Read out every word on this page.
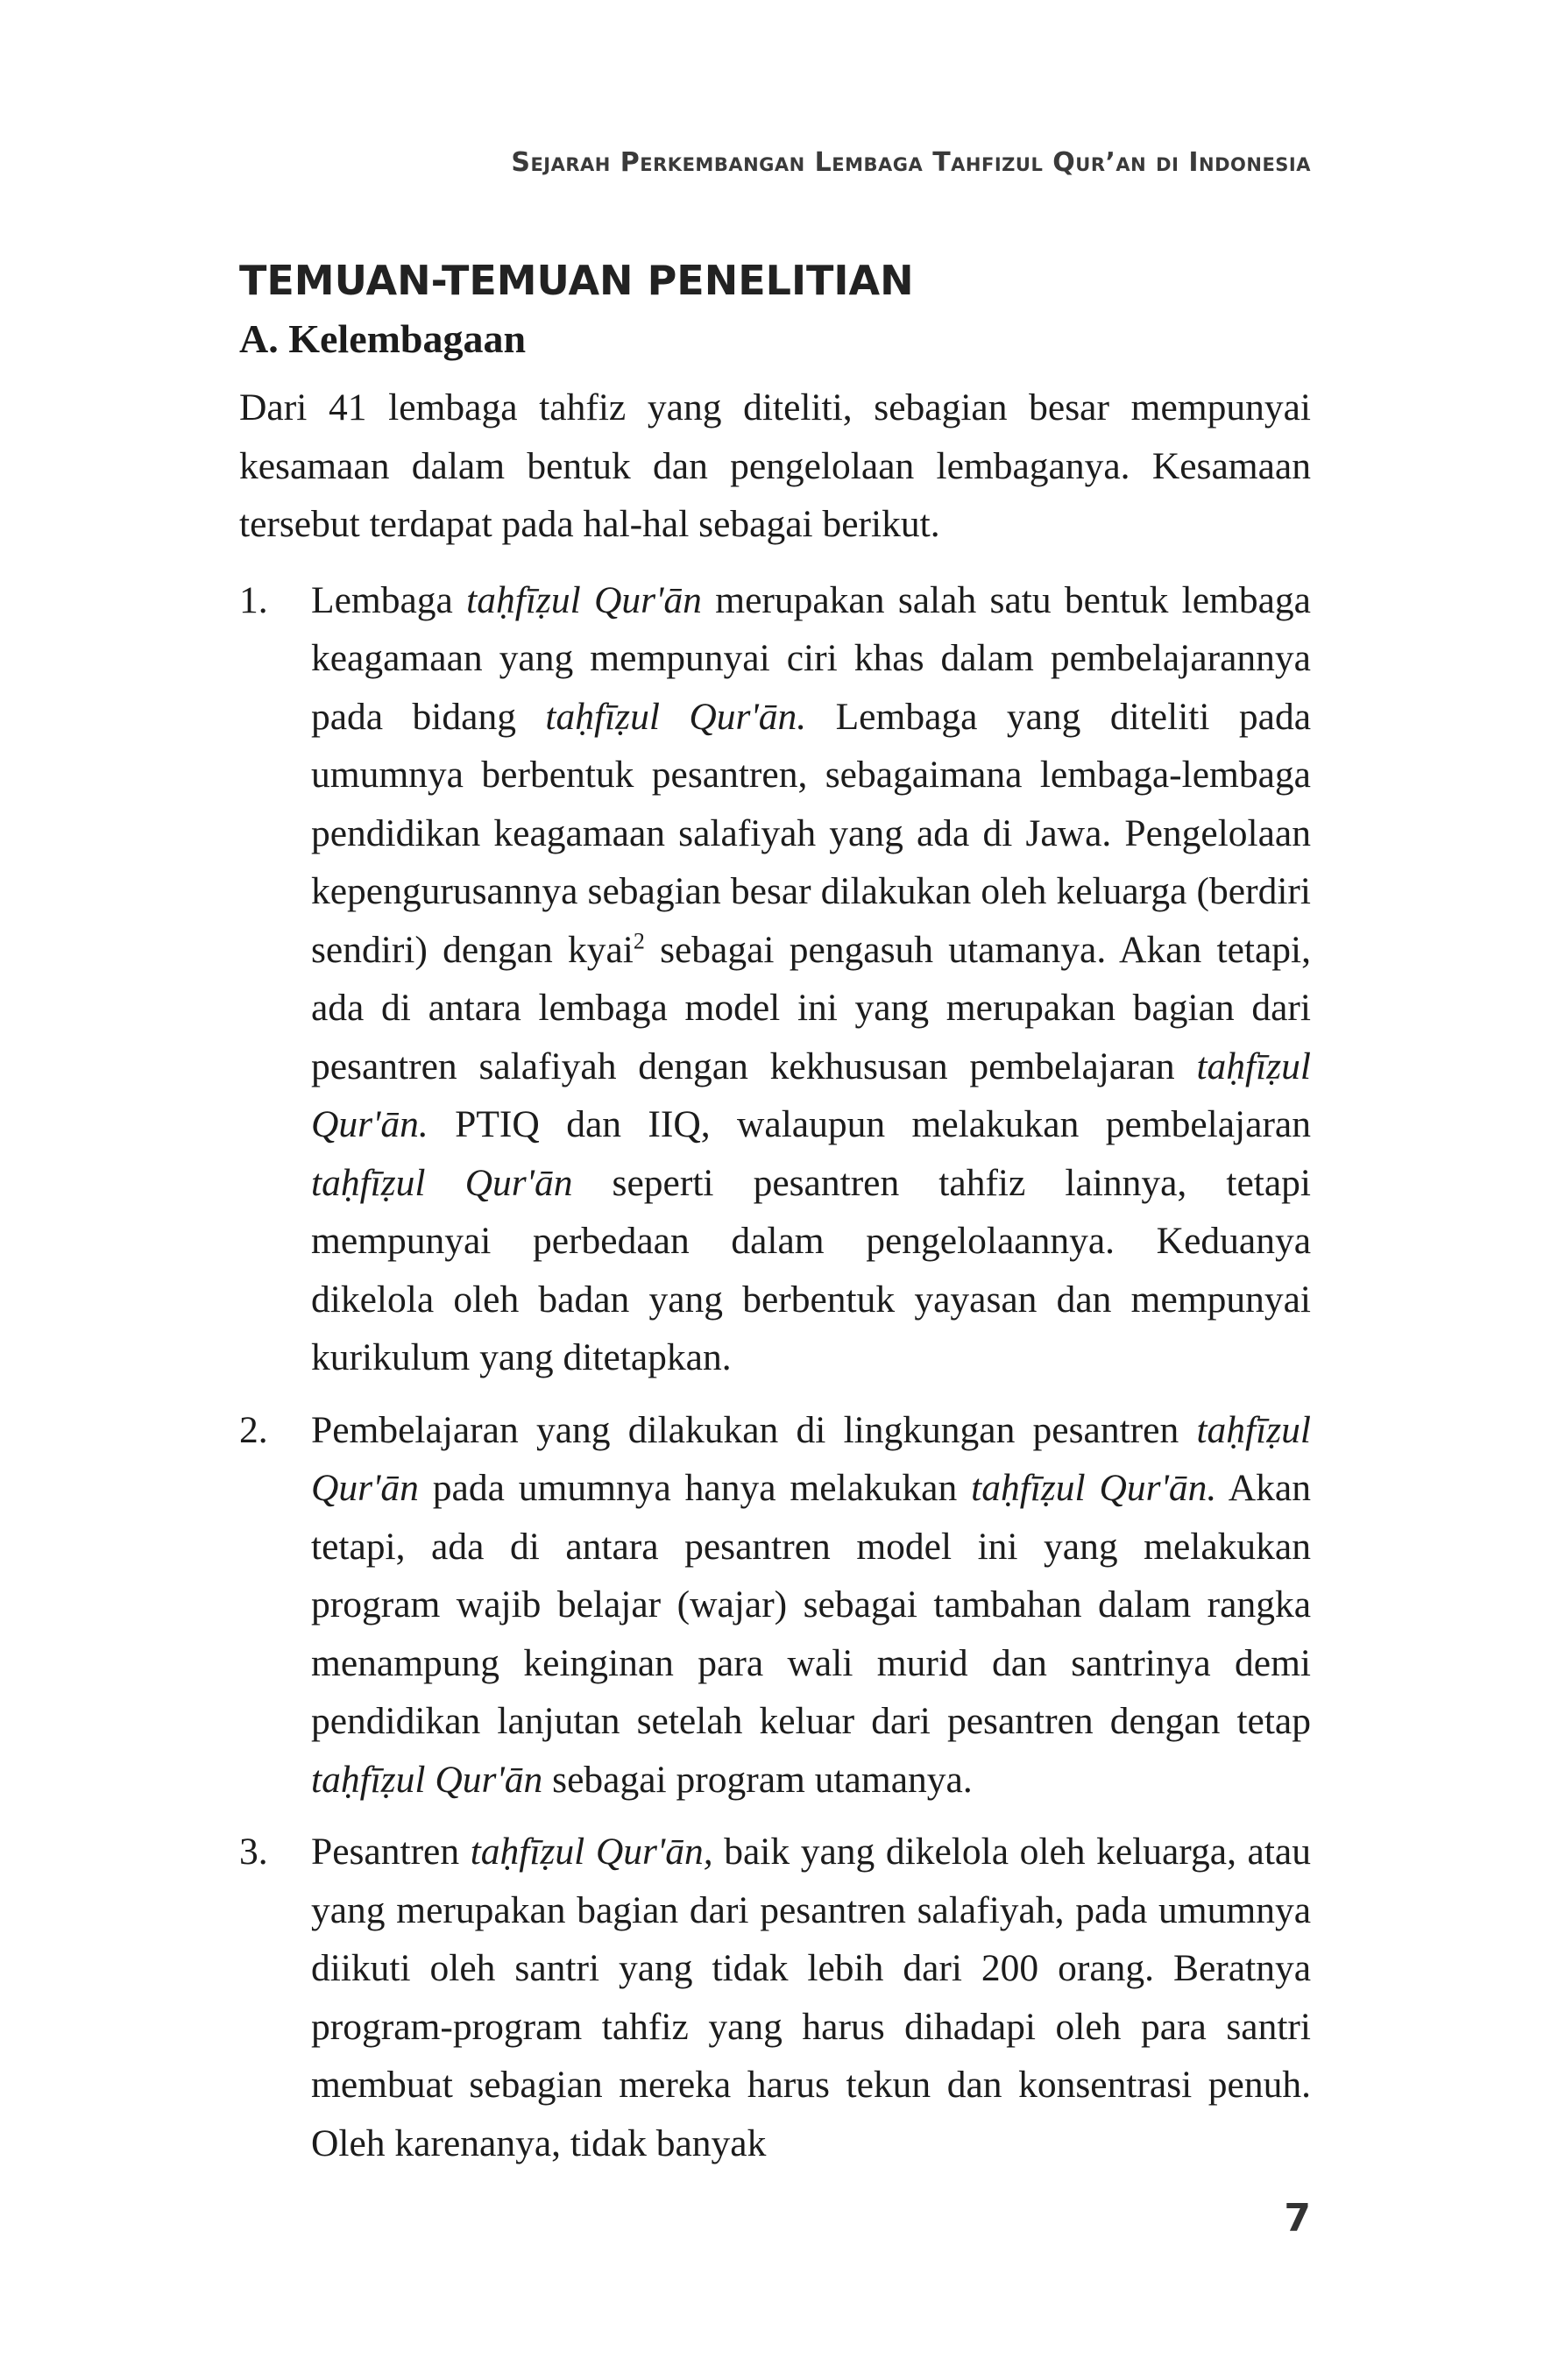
Sejarah Perkembangan Lembaga Tahfizul Qur’an di Indonesia
TEMUAN-TEMUAN PENELITIAN
A. Kelembagaan

Dari 41 lembaga tahfiz yang diteliti, sebagian besar mempunyai kesamaan dalam bentuk dan pengelolaan lembaganya. Kesamaan tersebut terdapat pada hal-hal sebagai berikut.

1. Lembaga taḥfīẓul Qur'ān merupakan salah satu bentuk lembaga keagamaan yang mempunyai ciri khas dalam pembelajarannya pada bidang taḥfīẓul Qur'ān. Lembaga yang diteliti pada umumnya berbentuk pesantren, sebagaimana lembaga-lembaga pendidikan keagamaan salafiyah yang ada di Jawa. Pengelolaan kepengurusannya sebagian besar dilakukan oleh keluarga (berdiri sendiri) dengan kyai$^2$ sebagai pengasuh utamanya. Akan tetapi, ada di antara lembaga model ini yang merupakan bagian dari pesantren salafiyah dengan kekhususan pembelajaran taḥfīẓul Qur'ān. PTIQ dan IIQ, walaupun melakukan pembelajaran taḥfīẓul Qur'ān seperti pesantren tahfiz lainnya, tetapi mempunyai perbedaan dalam pengelolaannya. Keduanya dikelola oleh badan yang berbentuk yayasan dan mempunyai kurikulum yang ditetapkan.
2. Pembelajaran yang dilakukan di lingkungan pesantren taḥfīẓul Qur'ān pada umumnya hanya melakukan taḥfīẓul Qur'ān. Akan tetapi, ada di antara pesantren model ini yang melakukan program wajib belajar (wajar) sebagai tambahan dalam rangka menampung keinginan para wali murid dan santrinya demi pendidikan lanjutan setelah keluar dari pesantren dengan tetap taḥfīẓul Qur'ān sebagai program utamanya.
3. Pesantren taḥfīẓul Qur'ān, baik yang dikelola oleh keluarga, atau yang merupakan bagian dari pesantren salafiyah, pada umumnya diikuti oleh santri yang tidak lebih dari 200 orang. Beratnya program-program tahfiz yang harus dihadapi oleh para santri membuat sebagian mereka harus tekun dan konsentrasi penuh. Oleh karenanya, tidak banyak
7
